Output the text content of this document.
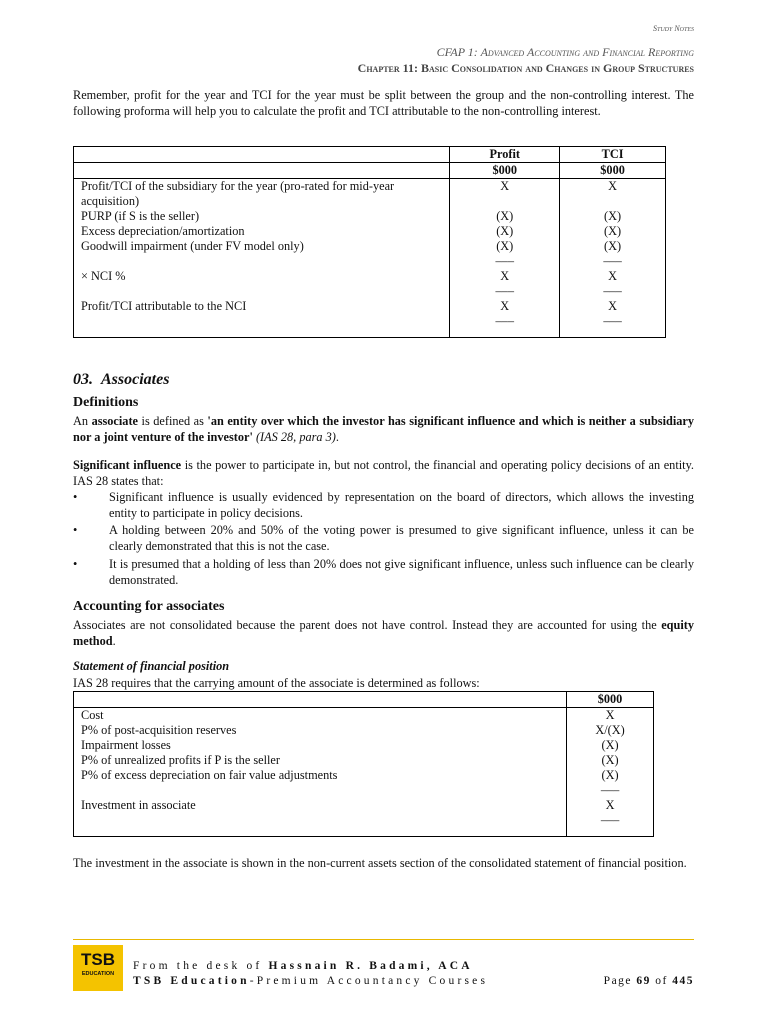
Study Notes
CFAP 1: Advanced Accounting and Financial Reporting
Chapter 11: Basic Consolidation and Changes in Group Structures
Remember, profit for the year and TCI for the year must be split between the group and the non-controlling interest. The following proforma will help you to calculate the profit and TCI attributable to the non-controlling interest.
	Profit	TCI
	$000	$000
Profit/TCI of the subsidiary for the year (pro-rated for mid-year acquisition)	X	X
PURP (if S is the seller)	(X)	(X)
Excess depreciation/amortization	(X)	(X)
Goodwill impairment (under FV model only)	(X)	(X)
	–––	–––
× NCI %	X	X
	–––	–––
Profit/TCI attributable to the NCI	X	X
	–––	–––
03. Associates
Definitions
An associate is defined as 'an entity over which the investor has significant influence and which is neither a subsidiary nor a joint venture of the investor' (IAS 28, para 3).
Significant influence is the power to participate in, but not control, the financial and operating policy decisions of an entity. IAS 28 states that:
•	Significant influence is usually evidenced by representation on the board of directors, which allows the investing entity to participate in policy decisions.
•	A holding between 20% and 50% of the voting power is presumed to give significant influence, unless it can be clearly demonstrated that this is not the case.
•	It is presumed that a holding of less than 20% does not give significant influence, unless such influence can be clearly demonstrated.
Accounting for associates
Associates are not consolidated because the parent does not have control. Instead they are accounted for using the equity method.
Statement of financial position
IAS 28 requires that the carrying amount of the associate is determined as follows:
	$000
Cost	X
P% of post-acquisition reserves	X/(X)
Impairment losses	(X)
P% of unrealized profits if P is the seller	(X)
P% of excess depreciation on fair value adjustments	(X)
	–––
Investment in associate	X
	–––
The investment in the associate is shown in the non-current assets section of the consolidated statement of financial position.
TSB
EDUCATION
From the desk of Hassnain R. Badami, ACA
TSB Education-Premium Accountancy Courses	Page 69 of 445
